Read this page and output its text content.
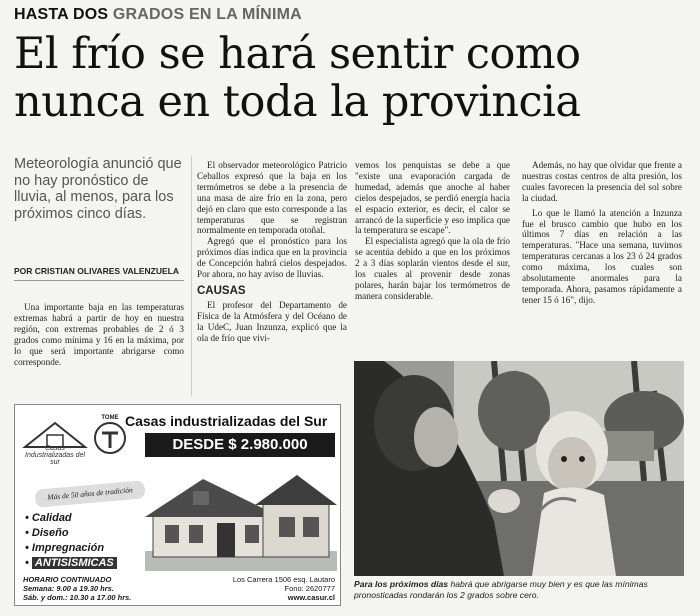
HASTA DOS GRADOS EN LA MÍNIMA
El frío se hará sentir como
nunca en toda la provincia
Meteorología anunció que no hay pronóstico de lluvia, al menos, para los próximos cinco días.
POR CRISTIAN OLIVARES VALENZUELA

Una importante baja en las temperaturas extremas habrá a partir de hoy en nuestra región, con extremas probables de 2 ó 3 grados como mínima y 16 en la máxima, por lo que será importante abrigarse como corresponde.

El observador meteorológico Patricio Ceballos expresó que la baja en los termómetros se debe a la presencia de una masa de aire frío en la zona, pero dejó en claro que esto corresponde a las temperaturas que se registran normalmente en temporada otoñal.

Agregó que el pronóstico para los próximos días indica que en la provincia de Concepción habrá cielos despejados. Por ahora, no hay aviso de lluvias.

CAUSAS

El profesor del Departamento de Física de la Atmósfera y del Océano de la UdeC, Juan Inzunza, explicó que la ola de frío que vivi-

vemos los penquistas se debe a que "existe una evaporación cargada de humedad, además que anoche al haber cielos despejados, se perdió energía hacia el espacio exterior, es decir, el calor se arrancó de la superficie y eso implica que la temperatura se escape".

El especialista agregó que la ola de frío se acentúa debido a que en los próximos 2 a 3 días soplarán vientos desde el sur, los cuales al provenir desde zonas polares, harán bajar los termómetros de manera considerable.

Además, no hay que olvidar que frente a nuestras costas centros de alta presión, los cuales favorecen la presencia del sol sobre la ciudad.

Lo que le llamó la atención a Inzunza fue el brusco cambio que hubo en los últimos 7 días en relación a las temperaturas. "Hace una semana, tuvimos temperaturas cercanas a los 23 ó 24 grados como máxima, los cuales son absolutamente anormales para la temporada. Ahora, pasamos rápidamente a tener 15 ó 16", dijo.

Casas Industrializadas del sur
TOME Casas industrializadas del Sur
DESDE $ 2.980.000
Más de 50 años de tradición
• Calidad
• Diseño
• Impregnación
• ANTISÍSMICAS
HORARIO CONTINUADO
Semana: 9.00 a 19.30 hrs.
Sáb. y dom.: 10.30 a 17.00 hrs.
Los Carrera 1506 esq. Lautaro
Fono: 2620777
www.casur.cl
Para los próximos días habrá que abrigarse muy bien y es que las mínimas pronosticadas rondarán los 2 grados sobre cero.
